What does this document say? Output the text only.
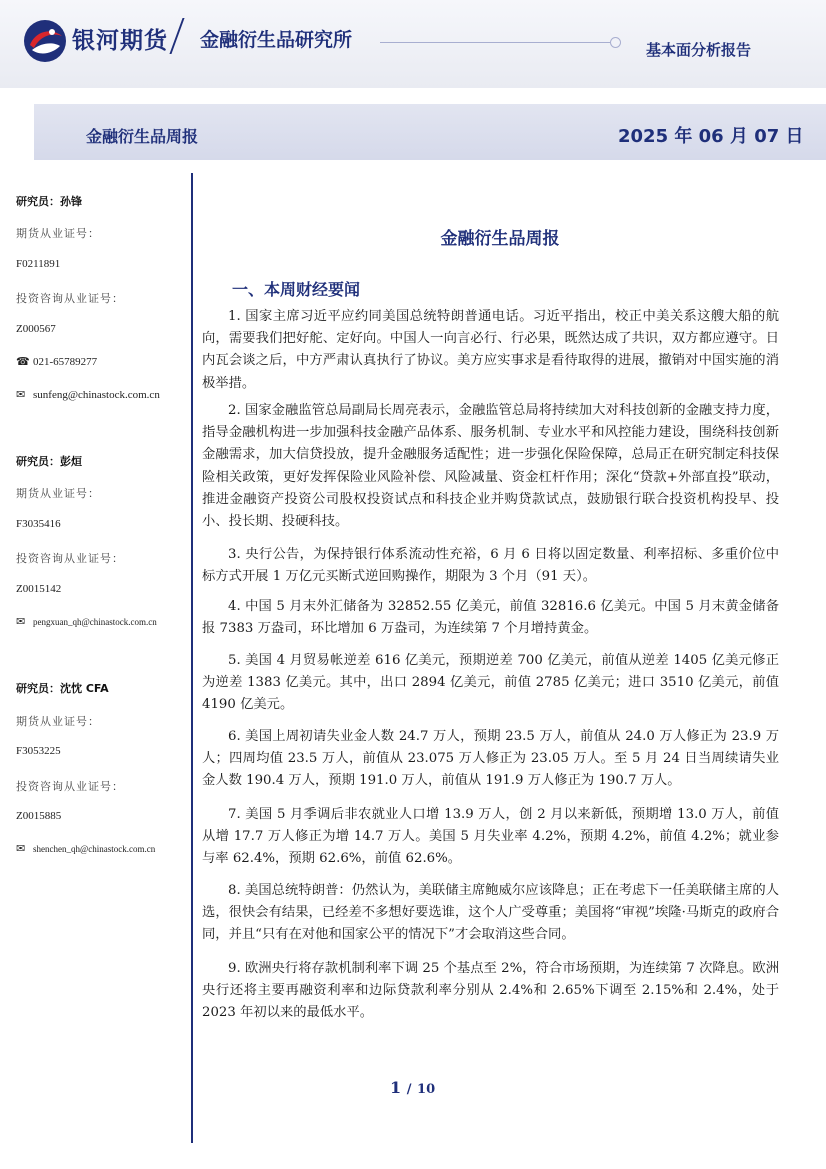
银河期货 金融衍生品研究所	基本面分析报告
金融衍生品周报	2025 年 06 月 07 日
研究员：孙锋
期货从业证号：
F0211891
投资咨询从业证号：
Z000567
☎ 021-65789277
✉ sunfeng@chinastock.com.cn
研究员：彭烜
期货从业证号：
F3035416
投资咨询从业证号：
Z0015142
✉ pengxuan_qh@chinastock.com.cn
研究员：沈忱 CFA
期货从业证号：
F3053225
投资咨询从业证号：
Z0015885
✉ shenchen_qh@chinastock.com.cn
金融衍生品周报
一、本周财经要闻

1. 国家主席习近平应约同美国总统特朗普通电话。习近平指出，校正中美关系这艘大船的航向，需要我们把好舵、定好向。中国人一向言必行、行必果，既然达成了共识，双方都应遵守。日内瓦会谈之后，中方严肃认真执行了协议。美方应实事求是看待取得的进展，撤销对中国实施的消极举措。

2. 国家金融监管总局副局长周亮表示，金融监管总局将持续加大对科技创新的金融支持力度，指导金融机构进一步加强科技金融产品体系、服务机制、专业水平和风控能力建设，围绕科技创新金融需求，加大信贷投放，提升金融服务适配性；进一步强化保险保障，总局正在研究制定科技保险相关政策，更好发挥保险业风险补偿、风险减量、资金杠杆作用；深化“贷款+外部直投”联动，推进金融资产投资公司股权投资试点和科技企业并购贷款试点，鼓励银行联合投资机构投早、投小、投长期、投硬科技。

3. 央行公告，为保持银行体系流动性充裕，6 月 6 日将以固定数量、利率招标、多重价位中标方式开展 1 万亿元买断式逆回购操作，期限为 3 个月（91 天）。

4. 中国 5 月末外汇储备为 32852.55 亿美元，前值 32816.6 亿美元。中国 5 月末黄金储备报 7383 万盎司，环比增加 6 万盎司，为连续第 7 个月增持黄金。

5. 美国 4 月贸易帐逆差 616 亿美元，预期逆差 700 亿美元，前值从逆差 1405 亿美元修正为逆差 1383 亿美元。其中，出口 2894 亿美元，前值 2785 亿美元；进口 3510 亿美元，前值 4190 亿美元。

6. 美国上周初请失业金人数 24.7 万人，预期 23.5 万人，前值从 24.0 万人修正为 23.9 万人；四周均值 23.5 万人，前值从 23.075 万人修正为 23.05 万人。至 5 月 24 日当周续请失业金人数 190.4 万人，预期 191.0 万人，前值从 191.9 万人修正为 190.7 万人。

7. 美国 5 月季调后非农就业人口增 13.9 万人，创 2 月以来新低，预期增 13.0 万人，前值从增 17.7 万人修正为增 14.7 万人。美国 5 月失业率 4.2%，预期 4.2%，前值 4.2%；就业参与率 62.4%，预期 62.6%，前值 62.6%。

8. 美国总统特朗普：仍然认为，美联储主席鲍威尔应该降息；正在考虑下一任美联储主席的人选，很快会有结果，已经差不多想好要选谁，这个人广受尊重；美国将“审视”埃隆·马斯克的政府合同，并且“只有在对他和国家公平的情况下”才会取消这些合同。

9. 欧洲央行将存款机制利率下调 25 个基点至 2%，符合市场预期，为连续第 7 次降息。欧洲央行还将主要再融资利率和边际贷款利率分别从 2.4%和 2.65%下调至 2.15%和 2.4%，处于 2023 年初以来的最低水平。

1 / 10
